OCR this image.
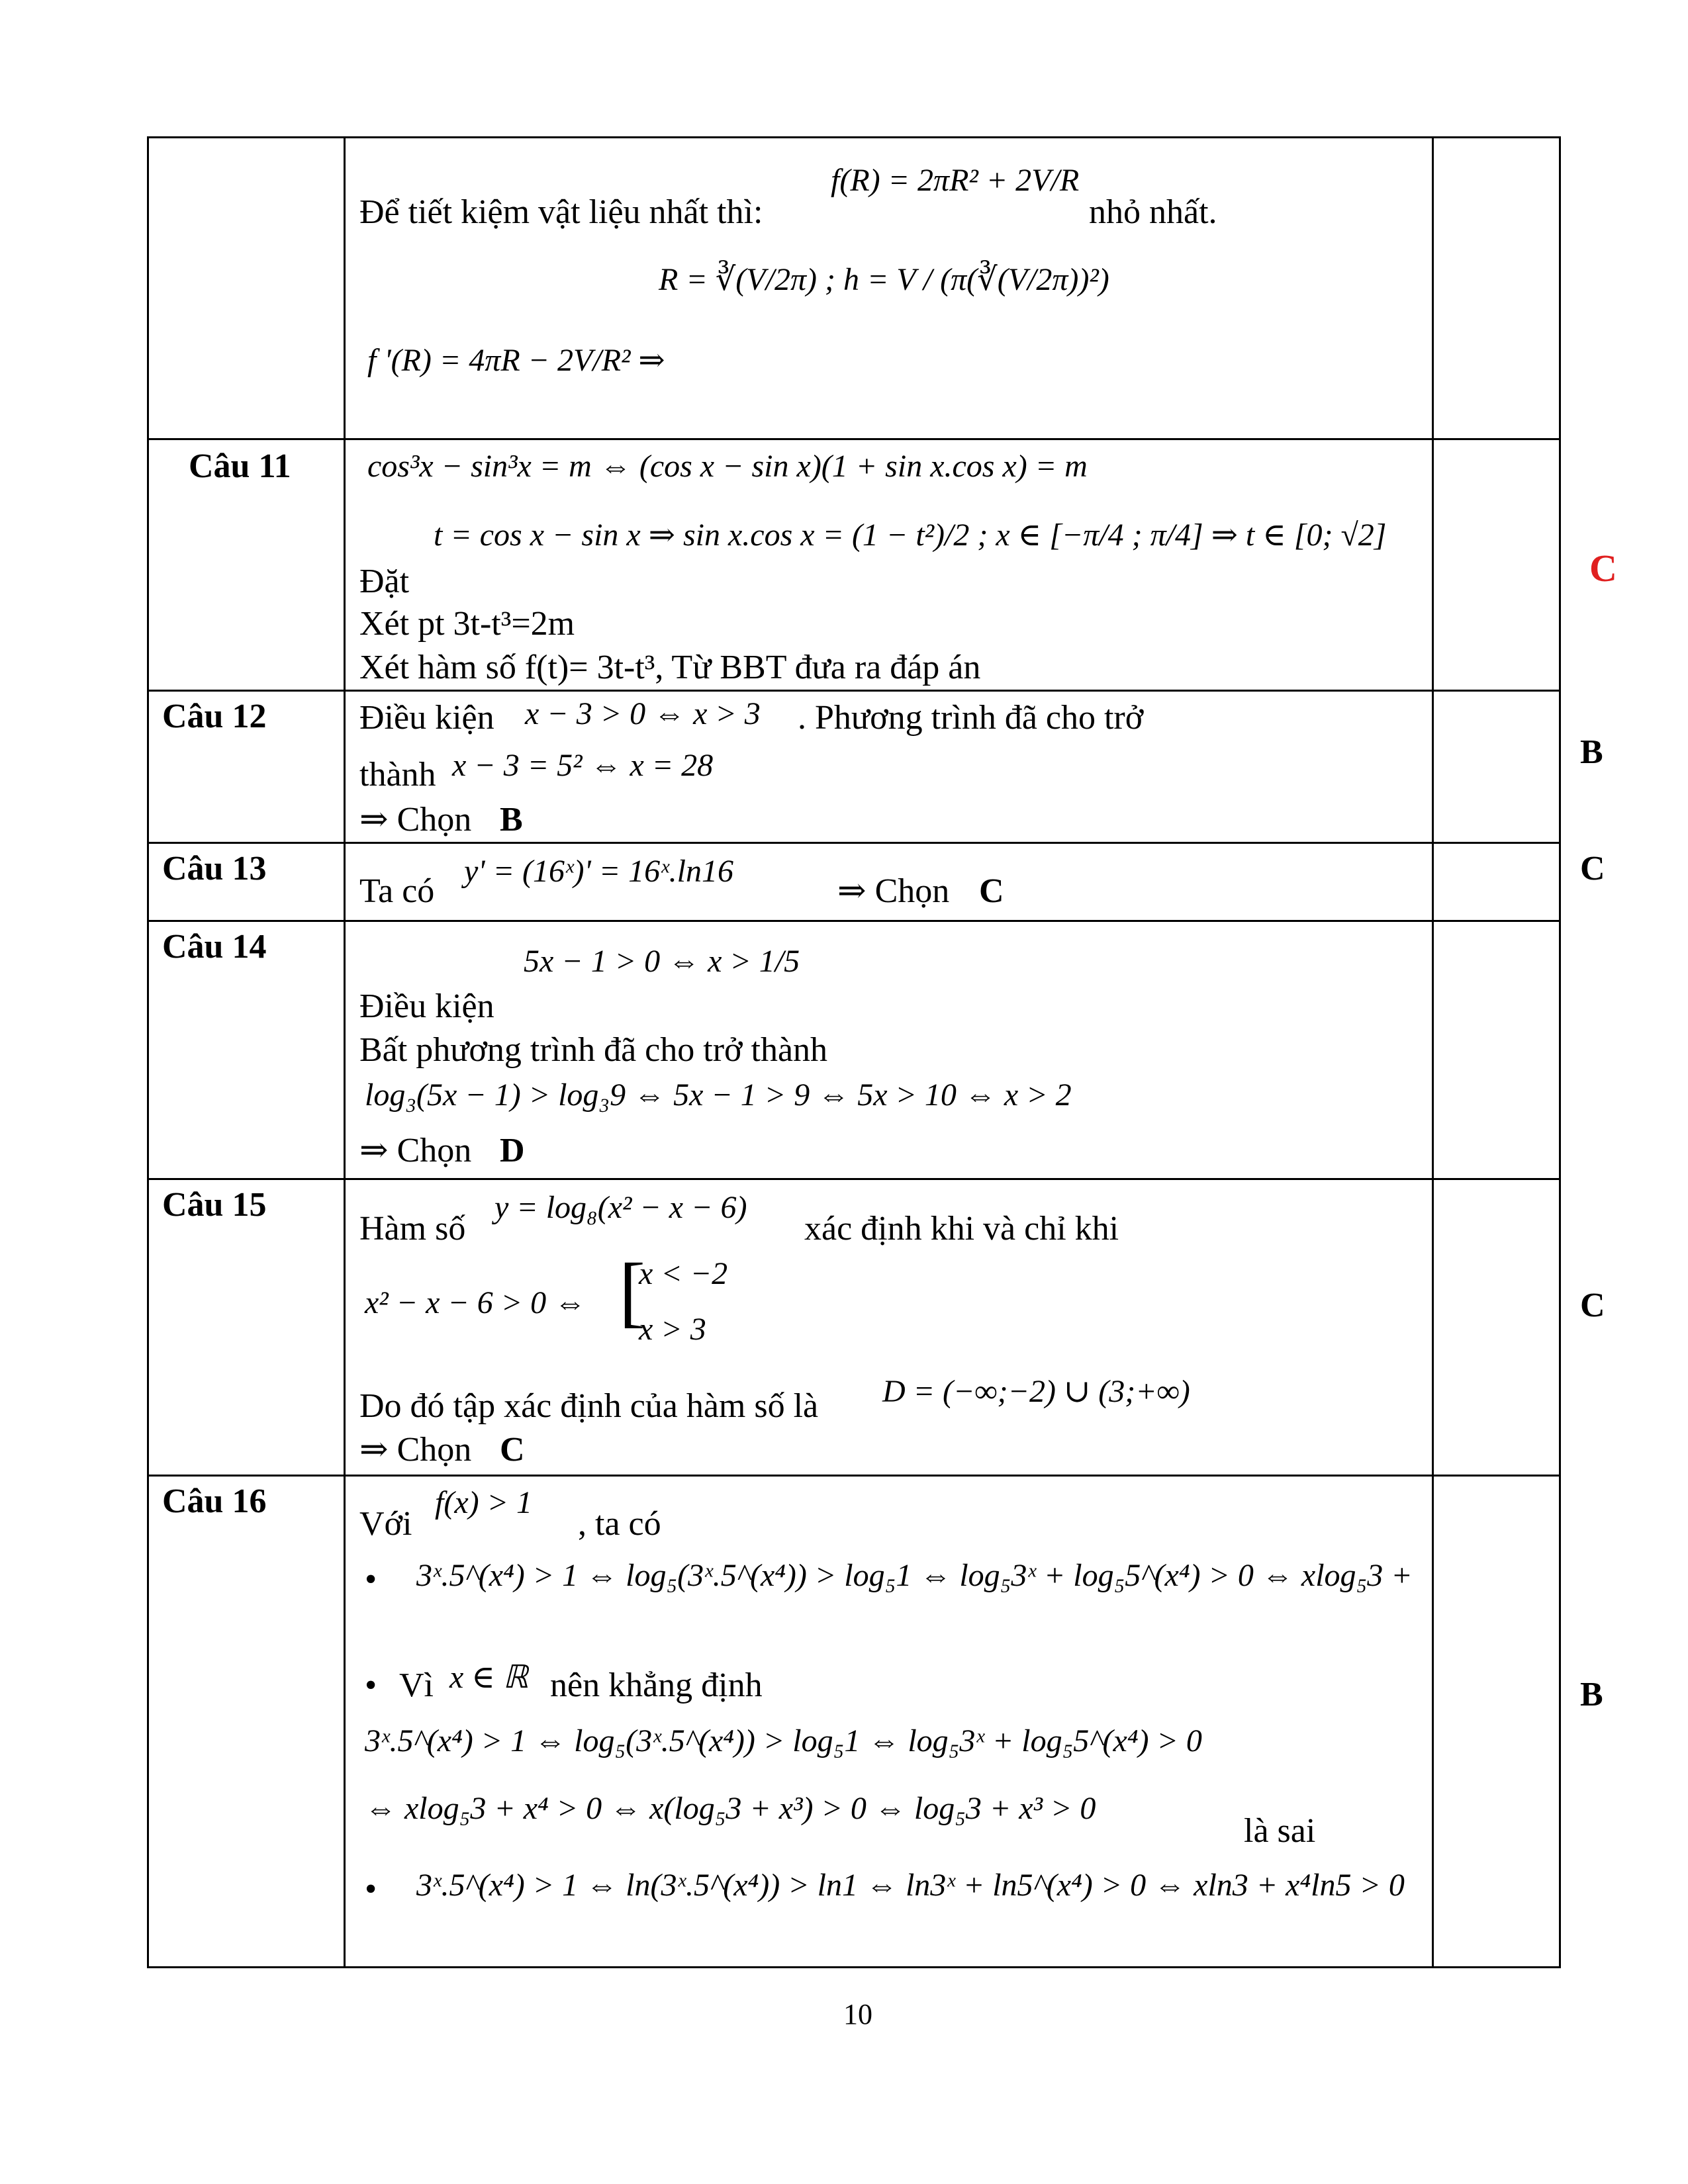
Để tiết kiệm vật liệu nhất thì:
f(R) = 2πR² + 2V/R
nhỏ nhất.
R = ∛(V/2π) ; h = V / (π(∛(V/2π))²)
f '(R) = 4πR − 2V/R² ⇒
Câu 11 cos³x − sin³x = m ⇔ (cos x − sin x)(1 + sin x.cos x) = m
t = cos x − sin x ⇒ sin x.cos x = (1 − t²)/2 ; x ∈ [−π/4 ; π/4] ⇒ t ∈ [0; √2]
Đặt
Xét pt 3t-t³=2m
Xét hàm số f(t)= 3t-t³, Từ BBT đưa ra đáp án
C
Câu 12	Điều kiện x − 3 > 0 ⇔ x > 3 . Phương trình đã cho trở
thành x − 3 = 5² ⇔ x = 28
⇒ Chọn B
B
Câu 13
Ta có
y' = (16ˣ)' = 16ˣ.ln16
⇒ Chọn C
C
Câu 14	5x − 1 > 0 ⇔ x > 1/5
Điều kiện
Bất phương trình đã cho trở thành
log₃(5x − 1) > log₃9 ⇔ 5x − 1 > 9 ⇔ 5x > 10 ⇔ x > 2
⇒ Chọn D
Câu 15
Hàm số
y = log₈(x² − x − 6)
xác định khi và chỉ khi
x² − x − 6 > 0 ⇔ [
x < −2
x > 3
Do đó tập xác định của hàm số là D = (−∞;−2) ∪ (3;+∞)
⇒ Chọn C
C
Câu 16
Với
f(x) > 1
, ta có
• 3ˣ.5^(x⁴) > 1 ⇔ log₅(3ˣ.5^(x⁴)) > log₅1 ⇔ log₅3ˣ + log₅5^(x⁴) > 0 ⇔ xlog₅3 +
• Vì x ∈ ℝ nên khẳng định
3ˣ.5^(x⁴) > 1 ⇔ log₅(3ˣ.5^(x⁴)) > log₅1 ⇔ log₅3ˣ + log₅5^(x⁴) > 0
⇔ xlog₅3 + x⁴ > 0 ⇔ x(log₅3 + x³) > 0 ⇔ log₅3 + x³ > 0
là sai
• 3ˣ.5^(x⁴) > 1 ⇔ ln(3ˣ.5^(x⁴)) > ln1 ⇔ ln3ˣ + ln5^(x⁴) > 0 ⇔ xln3 + x⁴ln5 > 0
B
10
